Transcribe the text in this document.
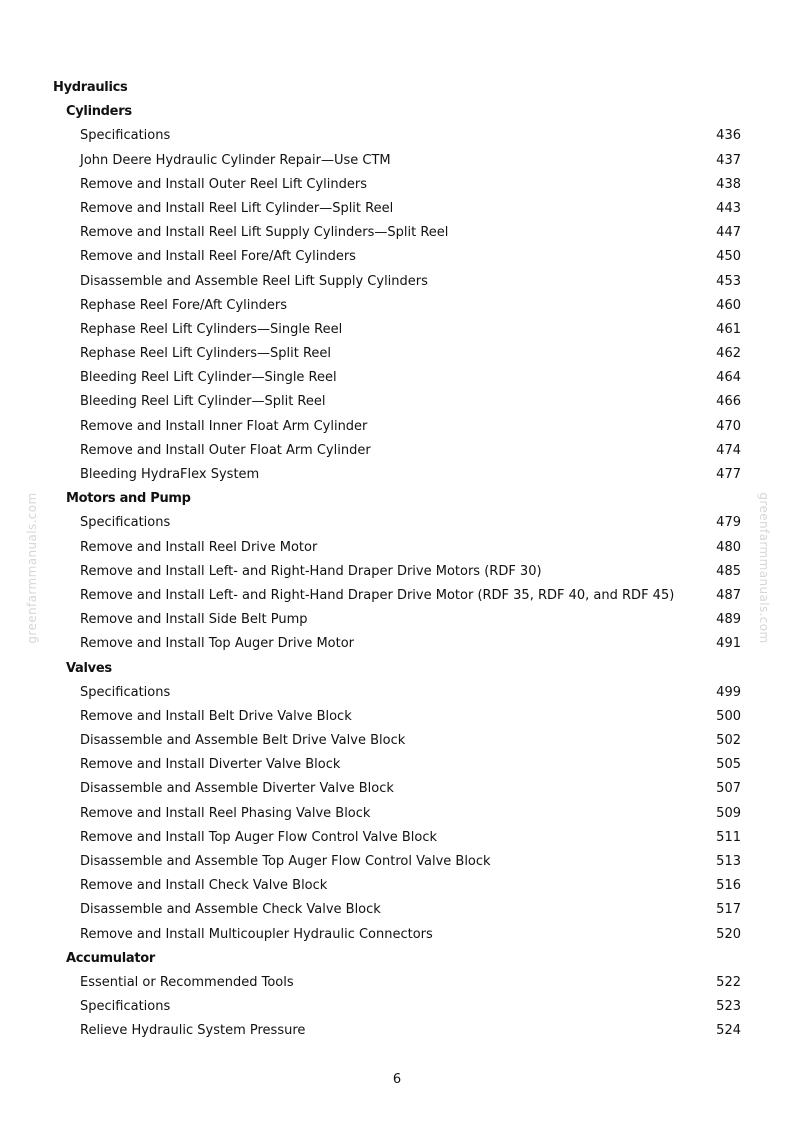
greenfarmmanuals.com	greenfarmmanuals.com
Hydraulics
Cylinders
Specifications	436
John Deere Hydraulic Cylinder Repair—Use CTM	437
Remove and Install Outer Reel Lift Cylinders	438
Remove and Install Reel Lift Cylinder—Split Reel	443
Remove and Install Reel Lift Supply Cylinders—Split Reel	447
Remove and Install Reel Fore/Aft Cylinders	450
Disassemble and Assemble Reel Lift Supply Cylinders	453
Rephase Reel Fore/Aft Cylinders	460
Rephase Reel Lift Cylinders—Single Reel	461
Rephase Reel Lift Cylinders—Split Reel	462
Bleeding Reel Lift Cylinder—Single Reel	464
Bleeding Reel Lift Cylinder—Split Reel	466
Remove and Install Inner Float Arm Cylinder	470
Remove and Install Outer Float Arm Cylinder	474
Bleeding HydraFlex System	477
Motors and Pump
Specifications	479
Remove and Install Reel Drive Motor	480
Remove and Install Left- and Right-Hand Draper Drive Motors (RDF 30)	485
Remove and Install Left- and Right-Hand Draper Drive Motor (RDF 35, RDF 40, and RDF 45)	487
Remove and Install Side Belt Pump	489
Remove and Install Top Auger Drive Motor	491
Valves
Specifications	499
Remove and Install Belt Drive Valve Block	500
Disassemble and Assemble Belt Drive Valve Block	502
Remove and Install Diverter Valve Block	505
Disassemble and Assemble Diverter Valve Block	507
Remove and Install Reel Phasing Valve Block	509
Remove and Install Top Auger Flow Control Valve Block	511
Disassemble and Assemble Top Auger Flow Control Valve Block	513
Remove and Install Check Valve Block	516
Disassemble and Assemble Check Valve Block	517
Remove and Install Multicoupler Hydraulic Connectors	520
Accumulator
Essential or Recommended Tools	522
Specifications	523
Relieve Hydraulic System Pressure	524
6
